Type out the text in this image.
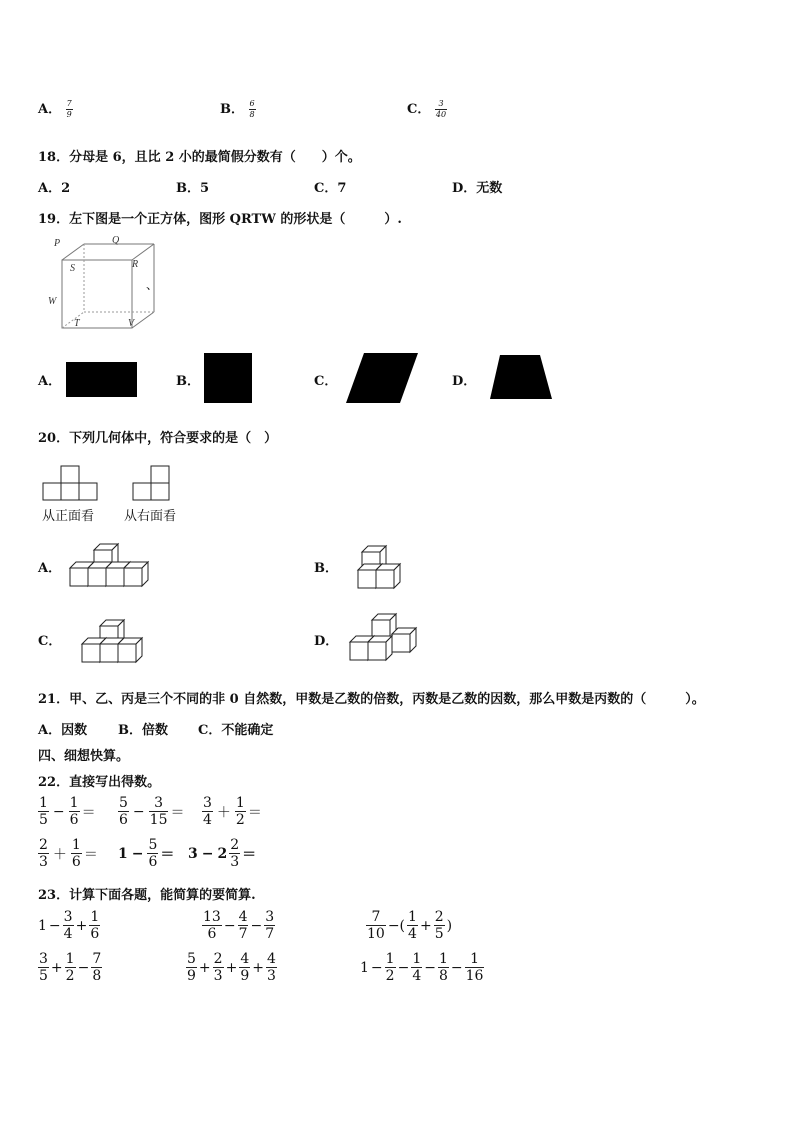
A． $\frac{7}{9}$	B． $\frac{6}{8}$	C． $\frac{3}{40}$
18．分母是 6，且比 2 小的最简假分数有（　　）个。
A．2	B．5	C．7	D．无数
19．左下图是一个正方体，图形 QRTW 的形状是（　　　）.
P	Q
S	R
W
T	V
、
A．	B．	C．	D．
20．下列几何体中，符合要求的是（　）
从正面看 从右面看
A．	B．
C．	D．
21．甲、乙、丙是三个不同的非 0 自然数，甲数是乙数的倍数，丙数是乙数的因数，那么甲数是丙数的（　　　）。
A．因数 B．倍数 C．不能确定
四、细想快算。
22．直接写出得数。
$\frac{1}{5} - \frac{1}{6} = \frac{5}{6} - \frac{3}{15} = \frac{3}{4} + \frac{1}{2}$ ＝
$\frac{2}{3} + \frac{1}{6} = 1 - \frac{5}{6} = 3 - 2 \frac{2}{3}$ ＝
23．计算下面各题，能简算的要简算.
$1 - \frac{3}{4} + \frac{1}{6}$	$\frac{13}{6} - \frac{4}{7} - \frac{3}{7}$	$\frac{7}{10}$ −( $\frac{1}{4} + \frac{2}{5}$ )
$\frac{3}{5} + \frac{1}{2} - \frac{7}{8}$	$\frac{5}{9} + \frac{2}{3} + \frac{4}{9} + \frac{4}{3}$	$1 - \frac{1}{2} - \frac{1}{4} - \frac{1}{8} - \frac{1}{16}$
